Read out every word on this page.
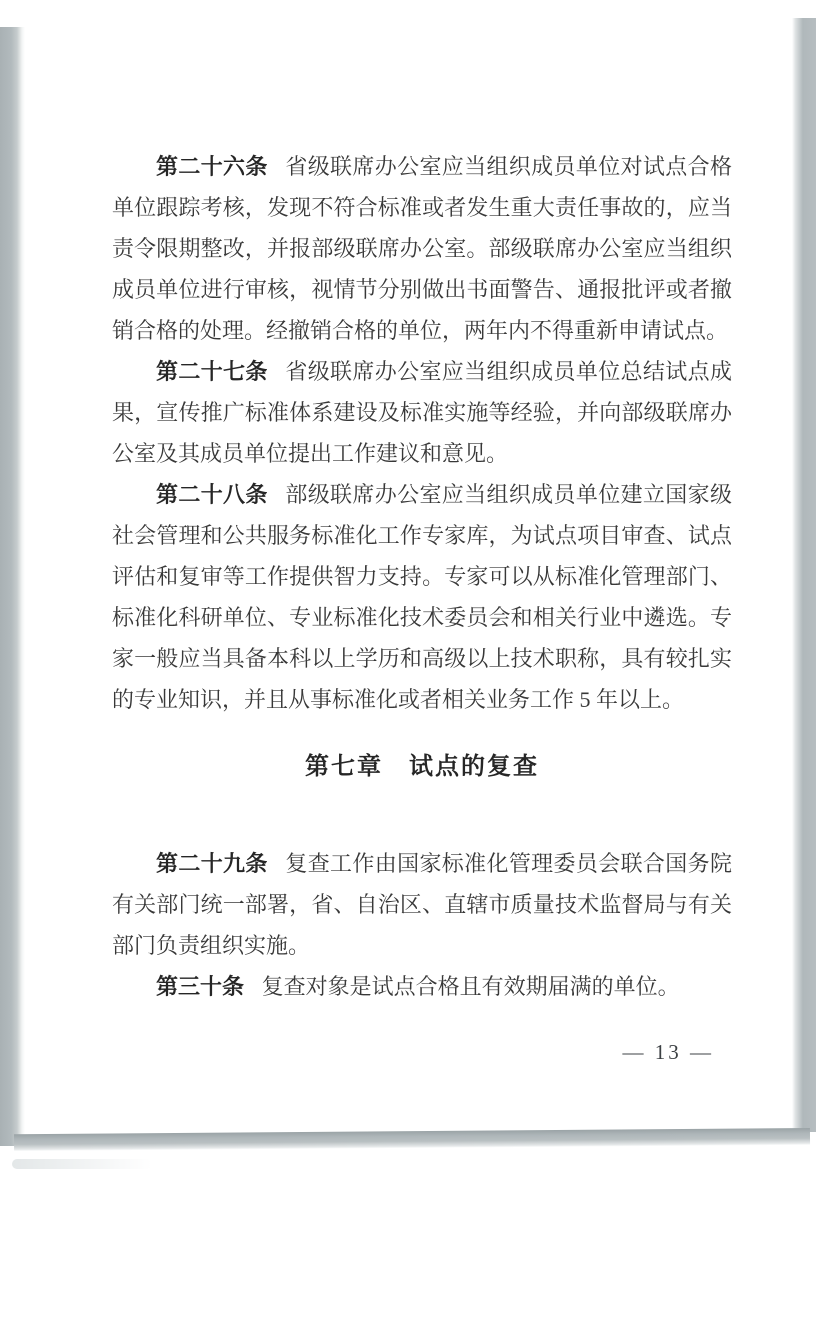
第二十六条 省级联席办公室应当组织成员单位对试点合格单位跟踪考核，发现不符合标准或者发生重大责任事故的，应当责令限期整改，并报部级联席办公室。部级联席办公室应当组织成员单位进行审核，视情节分别做出书面警告、通报批评或者撤销合格的处理。经撤销合格的单位，两年内不得重新申请试点。

第二十七条 省级联席办公室应当组织成员单位总结试点成果，宣传推广标准体系建设及标准实施等经验，并向部级联席办公室及其成员单位提出工作建议和意见。

第二十八条 部级联席办公室应当组织成员单位建立国家级社会管理和公共服务标准化工作专家库，为试点项目审查、试点评估和复审等工作提供智力支持。专家可以从标准化管理部门、标准化科研单位、专业标准化技术委员会和相关行业中遴选。专家一般应当具备本科以上学历和高级以上技术职称，具有较扎实的专业知识，并且从事标准化或者相关业务工作 5 年以上。

第七章　试点的复查

第二十九条 复查工作由国家标准化管理委员会联合国务院有关部门统一部署，省、自治区、直辖市质量技术监督局与有关部门负责组织实施。

第三十条 复查对象是试点合格且有效期届满的单位。

— 13 —
